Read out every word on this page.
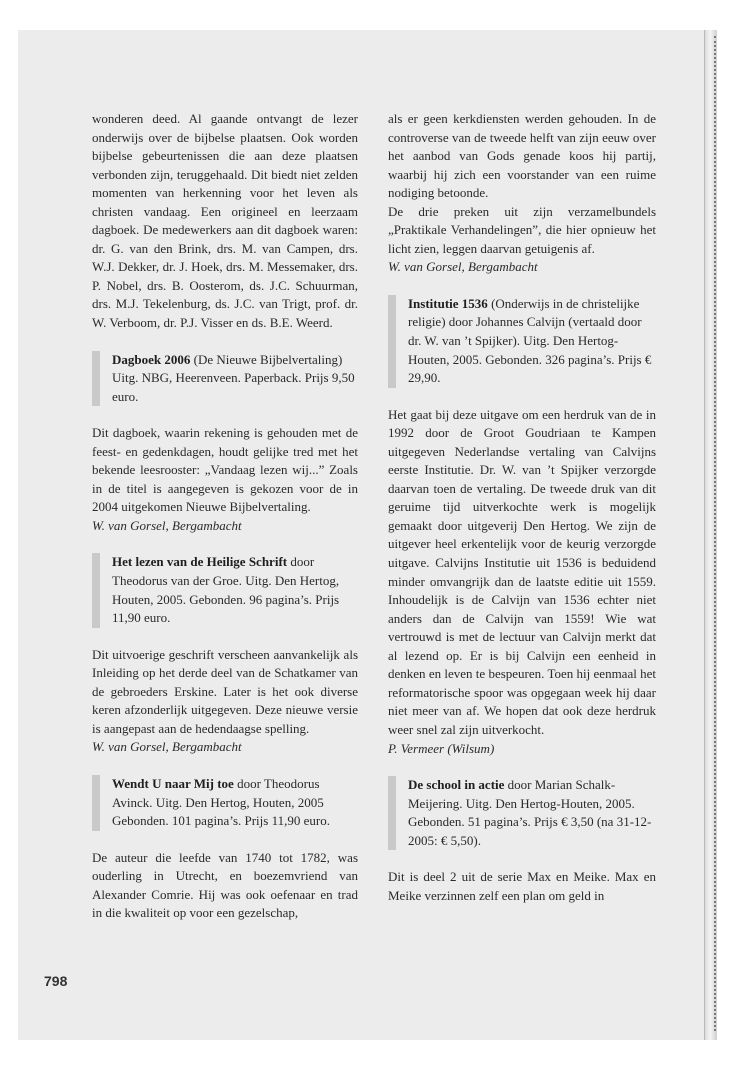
wonderen deed. Al gaande ontvangt de lezer onderwijs over de bijbelse plaatsen. Ook worden bijbelse gebeurtenissen die aan deze plaatsen verbonden zijn, teruggehaald. Dit biedt niet zelden momenten van herkenning voor het leven als christen vandaag. Een origineel en leerzaam dagboek. De medewerkers aan dit dagboek waren: dr. G. van den Brink, drs. M. van Campen, drs. W.J. Dekker, dr. J. Hoek, drs. M. Messemaker, drs. P. Nobel, drs. B. Oosterom, ds. J.C. Schuurman, drs. M.J. Tekelenburg, ds. J.C. van Trigt, prof. dr. W. Verboom, dr. P.J. Visser en ds. B.E. Weerd.

Dagboek 2006 (De Nieuwe Bijbelvertaling) Uitg. NBG, Heerenveen. Paperback. Prijs 9,50 euro.

Dit dagboek, waarin rekening is gehouden met de feest- en gedenkdagen, houdt gelijke tred met het bekende leesrooster: „Vandaag lezen wij...” Zoals in de titel is aangegeven is gekozen voor de in 2004 uitgekomen Nieuwe Bijbelvertaling.

W. van Gorsel, Bergambacht

Het lezen van de Heilige Schrift door Theodorus van der Groe. Uitg. Den Hertog, Houten, 2005. Gebonden. 96 pagina’s. Prijs 11,90 euro.

Dit uitvoerige geschrift verscheen aanvankelijk als Inleiding op het derde deel van de Schatkamer van de gebroeders Erskine. Later is het ook diverse keren afzonderlijk uitgegeven. Deze nieuwe versie is aangepast aan de hedendaagse spelling.

W. van Gorsel, Bergambacht

Wendt U naar Mij toe door Theodorus Avinck. Uitg. Den Hertog, Houten, 2005 Gebonden. 101 pagina’s. Prijs 11,90 euro.

De auteur die leefde van 1740 tot 1782, was ouderling in Utrecht, en boezemvriend van Alexander Comrie. Hij was ook oefenaar en trad in die kwaliteit op voor een gezelschap,

als er geen kerkdiensten werden gehouden. In de controverse van de tweede helft van zijn eeuw over het aanbod van Gods genade koos hij partij, waarbij hij zich een voorstander van een ruime nodiging betoonde.

De drie preken uit zijn verzamelbundels „Praktikale Verhandelingen”, die hier opnieuw het licht zien, leggen daarvan getuigenis af.

W. van Gorsel, Bergambacht

Institutie 1536 (Onderwijs in de christelijke religie) door Johannes Calvijn (vertaald door dr. W. van ’t Spijker). Uitg. Den Hertog-Houten, 2005. Gebonden. 326 pagina’s. Prijs € 29,90.

Het gaat bij deze uitgave om een herdruk van de in 1992 door de Groot Goudriaan te Kampen uitgegeven Nederlandse vertaling van Calvijns eerste Institutie. Dr. W. van ’t Spijker verzorgde daarvan toen de vertaling. De tweede druk van dit geruime tijd uitverkochte werk is mogelijk gemaakt door uitgeverij Den Hertog. We zijn de uitgever heel erkentelijk voor de keurig verzorgde uitgave. Calvijns Institutie uit 1536 is beduidend minder omvangrijk dan de laatste editie uit 1559. Inhoudelijk is de Calvijn van 1536 echter niet anders dan de Calvijn van 1559! Wie wat vertrouwd is met de lectuur van Calvijn merkt dat al lezend op. Er is bij Calvijn een eenheid in denken en leven te bespeuren. Toen hij eenmaal het reformatorische spoor was opgegaan week hij daar niet meer van af. We hopen dat ook deze herdruk weer snel zal zijn uitverkocht.

P. Vermeer (Wilsum)

De school in actie door Marian Schalk-Meijering. Uitg. Den Hertog-Houten, 2005. Gebonden. 51 pagina’s. Prijs € 3,50 (na 31-12-2005: € 5,50).

Dit is deel 2 uit de serie Max en Meike. Max en Meike verzinnen zelf een plan om geld in

798
